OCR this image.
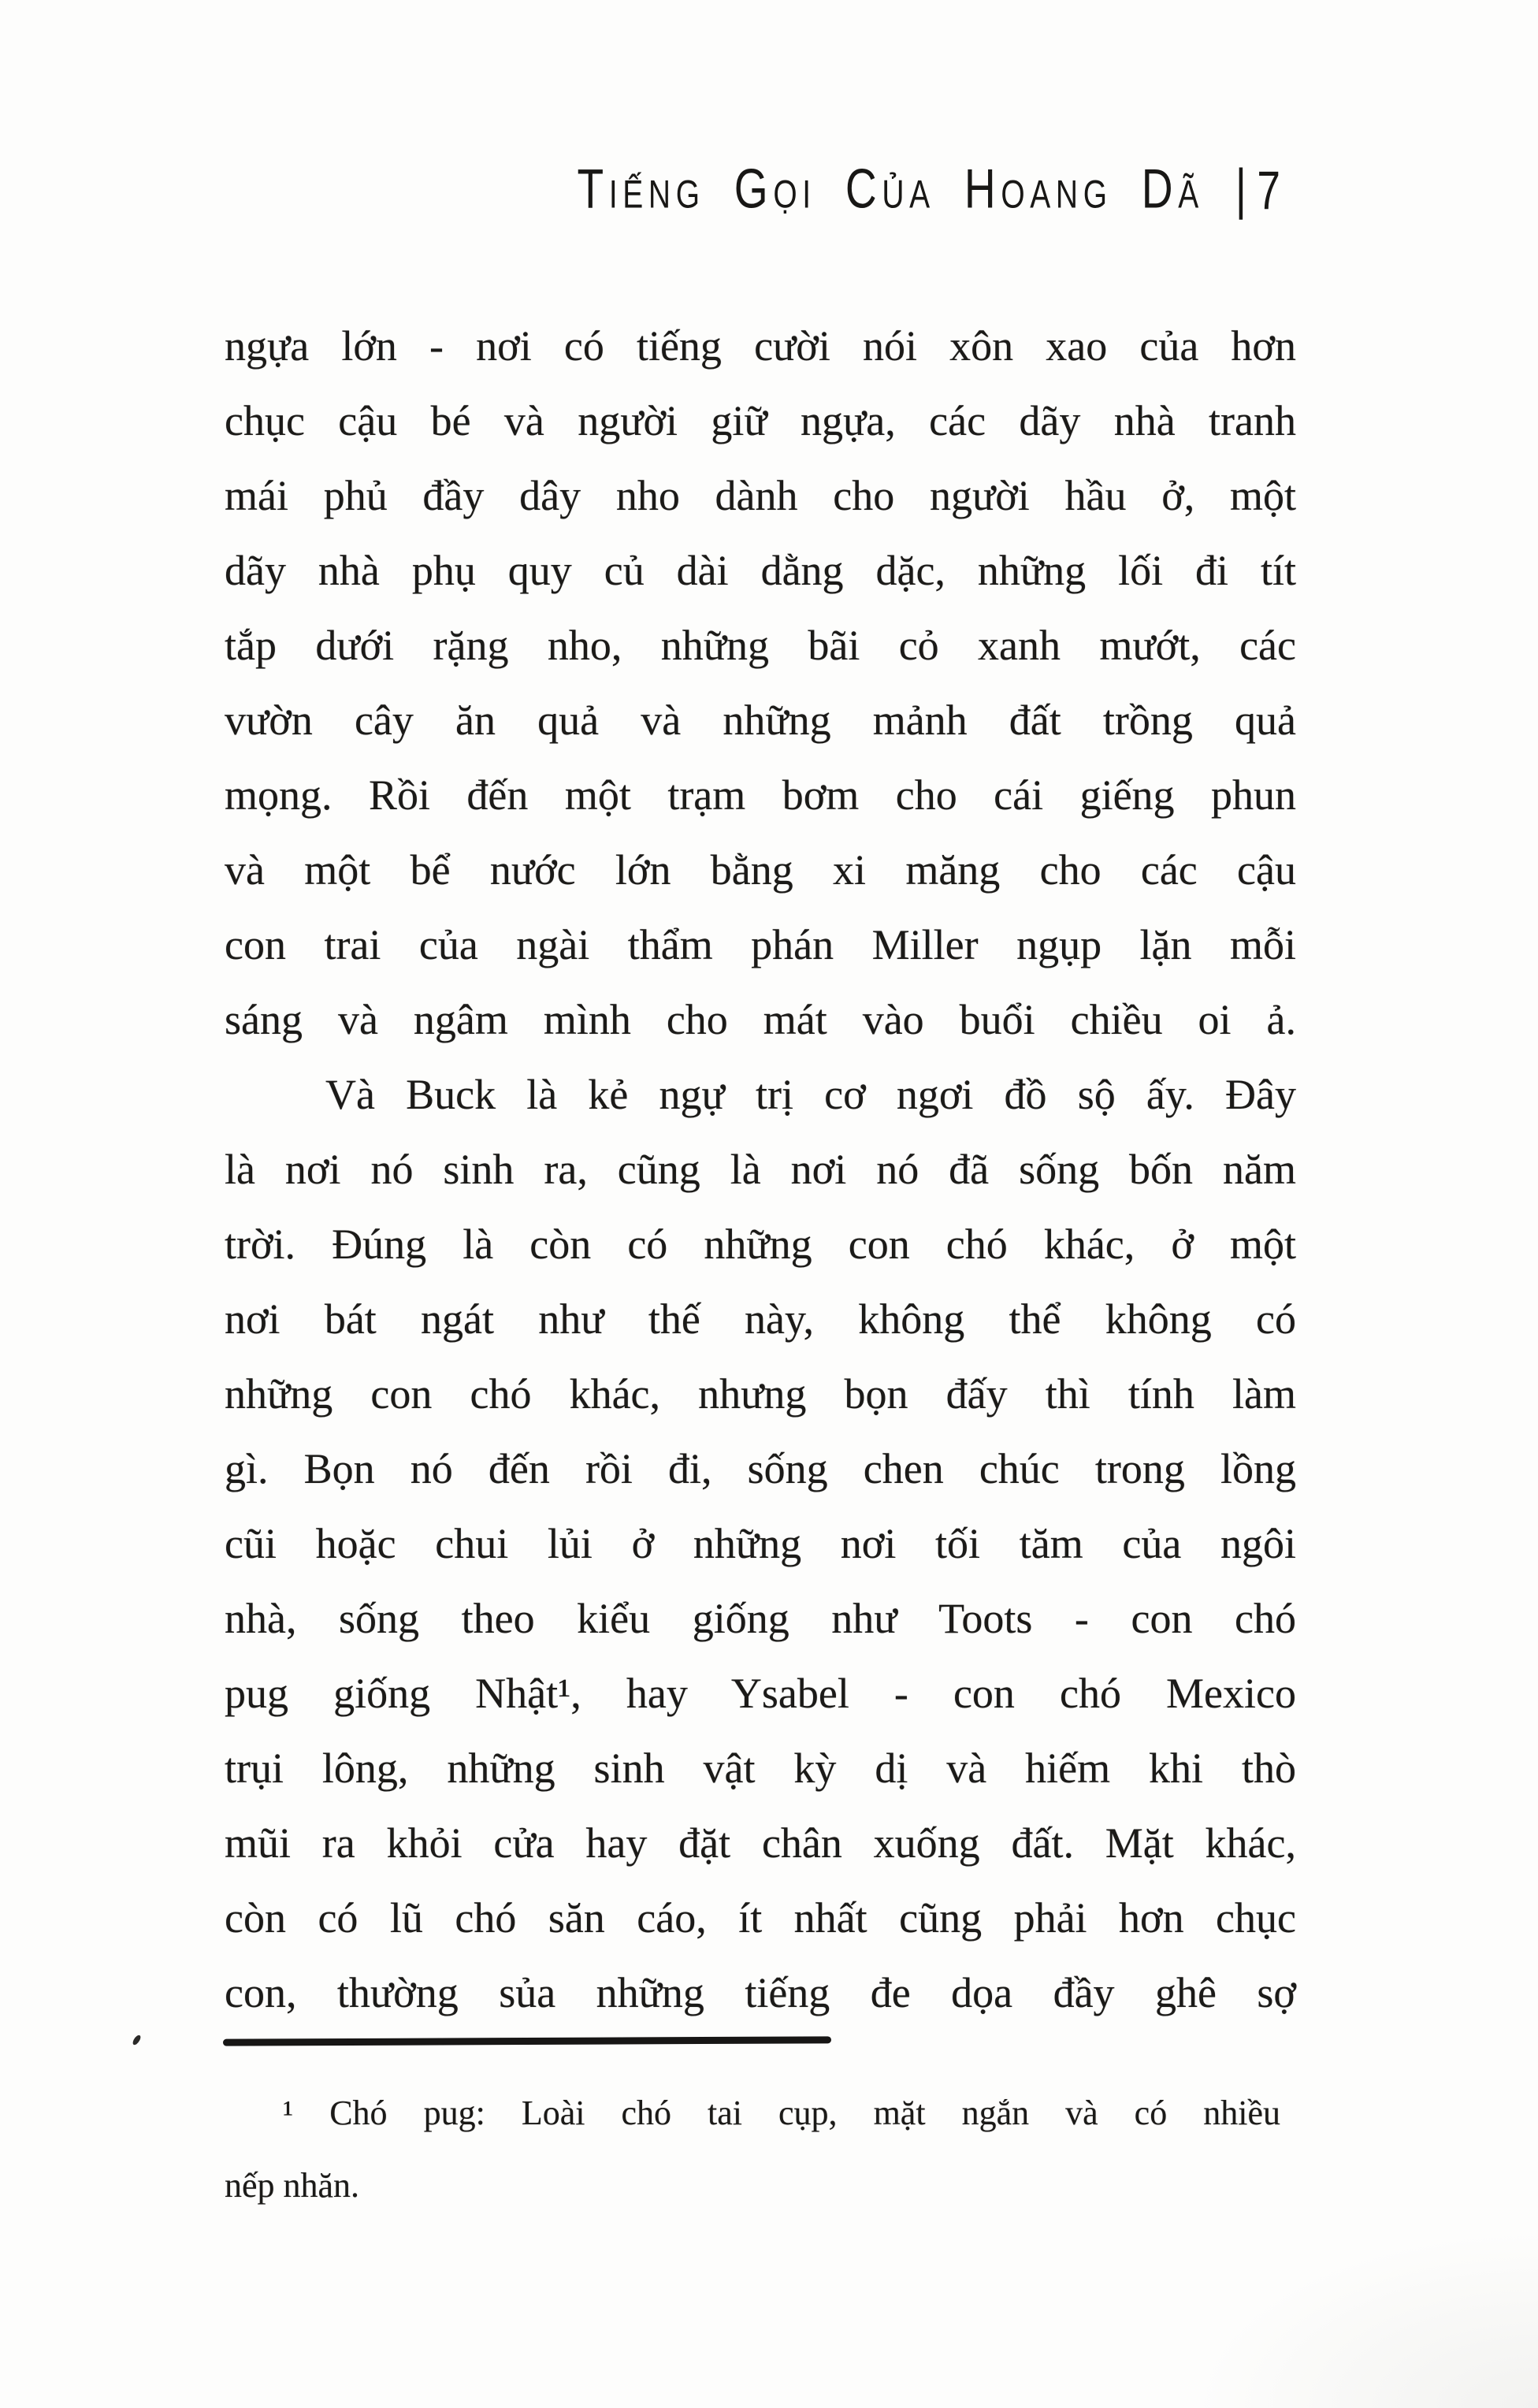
Tiếng Gọi Của Hoang Dã | 7
ngựa lớn - nơi có tiếng cười nói xôn xao của hơn
chục cậu bé và người giữ ngựa, các dãy nhà tranh
mái phủ đầy dây nho dành cho người hầu ở, một
dãy nhà phụ quy củ dài dằng dặc, những lối đi tít
tắp dưới rặng nho, những bãi cỏ xanh mướt, các
vườn cây ăn quả và những mảnh đất trồng quả
mọng. Rồi đến một trạm bơm cho cái giếng phun
và một bể nước lớn bằng xi măng cho các cậu
con trai của ngài thẩm phán Miller ngụp lặn mỗi
sáng và ngâm mình cho mát vào buổi chiều oi ả.
Và Buck là kẻ ngự trị cơ ngơi đồ sộ ấy. Đây
là nơi nó sinh ra, cũng là nơi nó đã sống bốn năm
trời. Đúng là còn có những con chó khác, ở một
nơi bát ngát như thế này, không thể không có
những con chó khác, nhưng bọn đấy thì tính làm
gì. Bọn nó đến rồi đi, sống chen chúc trong lồng
cũi hoặc chui lủi ở những nơi tối tăm của ngôi
nhà, sống theo kiểu giống như Toots - con chó
pug giống Nhật¹, hay Ysabel - con chó Mexico
trụi lông, những sinh vật kỳ dị và hiếm khi thò
mũi ra khỏi cửa hay đặt chân xuống đất. Mặt khác,
còn có lũ chó săn cáo, ít nhất cũng phải hơn chục
con, thường sủa những tiếng đe dọa đầy ghê sợ
¹ Chó pug: Loài chó tai cụp, mặt ngắn và có nhiều
nếp nhăn.
